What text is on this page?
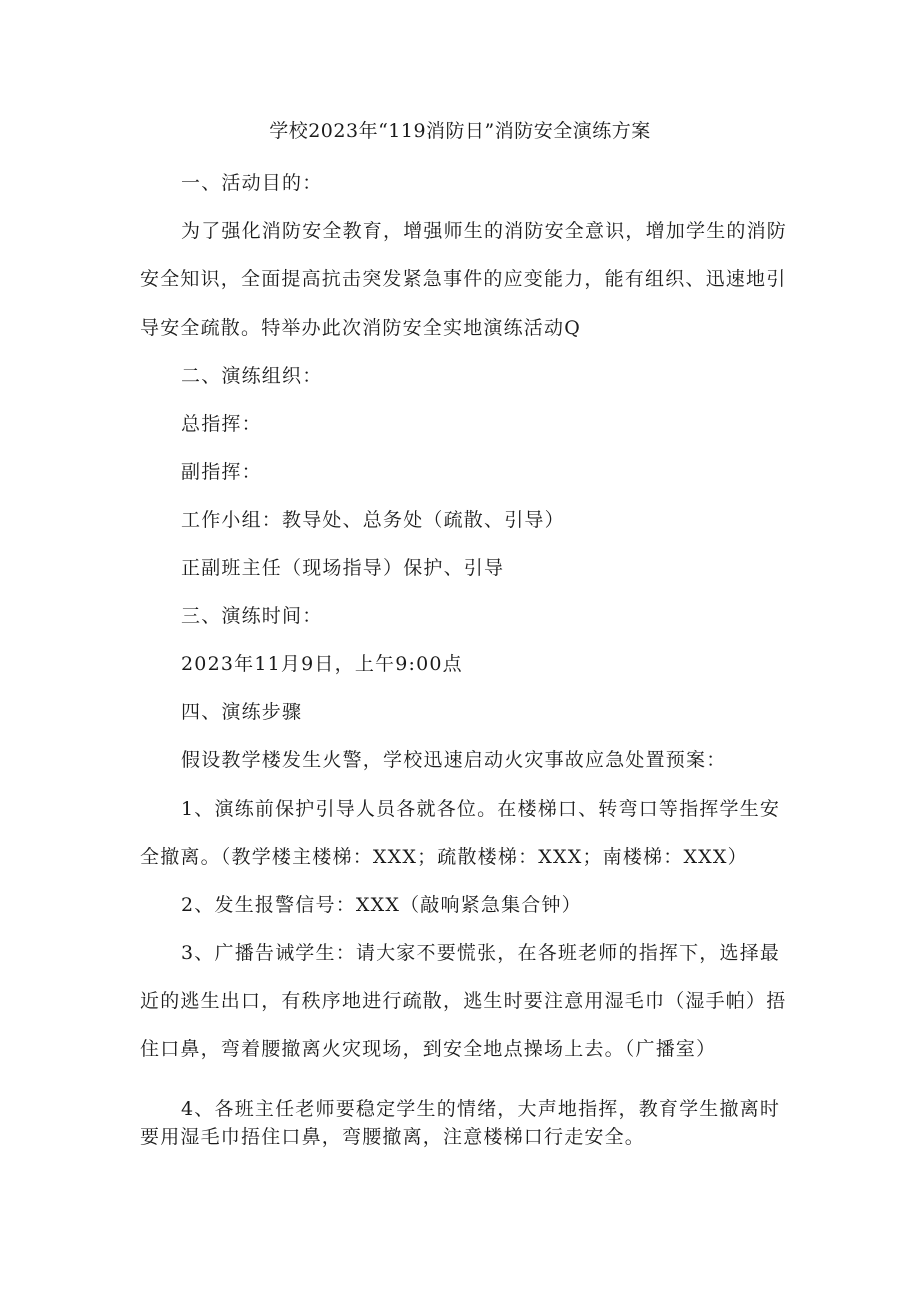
学校2023年“119消防日”消防安全演练方案
一、活动目的：
为了强化消防安全教育，增强师生的消防安全意识，增加学生的消防
安全知识，全面提高抗击突发紧急事件的应变能力，能有组织、迅速地引
导安全疏散。特举办此次消防安全实地演练活动Q
二、演练组织：
总指挥：
副指挥：
工作小组：教导处、总务处（疏散、引导）
正副班主任（现场指导）保护、引导
三、演练时间：
2023年11月9日，上午9:00点
四、演练步骤
假设教学楼发生火警，学校迅速启动火灾事故应急处置预案：
1、演练前保护引导人员各就各位。在楼梯口、转弯口等指挥学生安
全撤离。（教学楼主楼梯：XXX；疏散楼梯：XXX；南楼梯：XXX）
2、发生报警信号：XXX（敲响紧急集合钟）
3、广播告诫学生：请大家不要慌张，在各班老师的指挥下，选择最
近的逃生出口，有秩序地进行疏散，逃生时要注意用湿毛巾（湿手帕）捂
住口鼻，弯着腰撤离火灾现场，到安全地点操场上去。（广播室）
4、各班主任老师要稳定学生的情绪，大声地指挥，教育学生撤离时
要用湿毛巾捂住口鼻，弯腰撤离，注意楼梯口行走安全。
